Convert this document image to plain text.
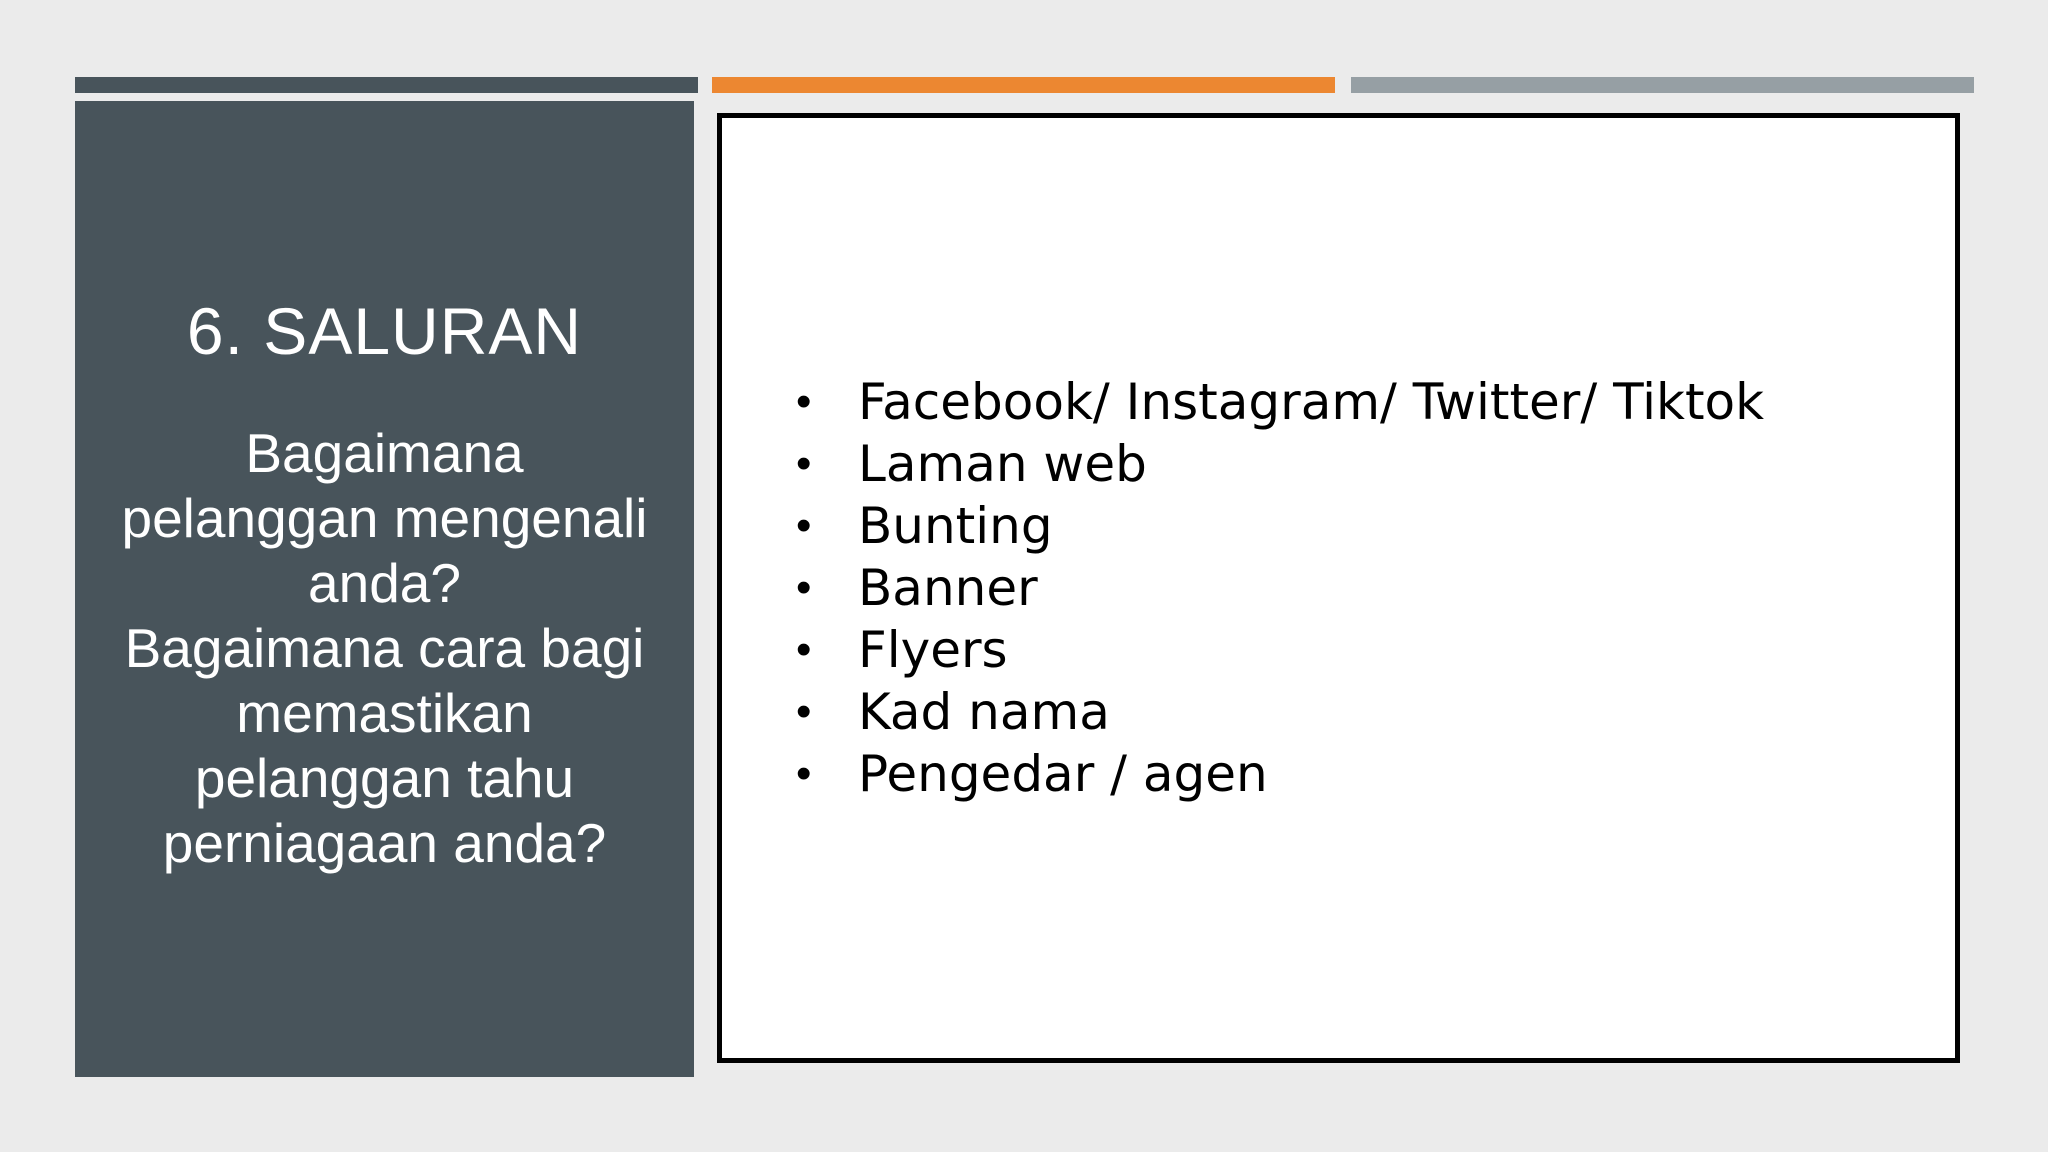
6. SALURAN
Bagaimana
pelanggan mengenali
anda?
Bagaimana cara bagi
memastikan
pelanggan tahu
perniagaan anda?
• Facebook/ Instagram/ Twitter/ Tiktok
• Laman web
• Bunting
• Banner
• Flyers
• Kad nama
• Pengedar / agen
